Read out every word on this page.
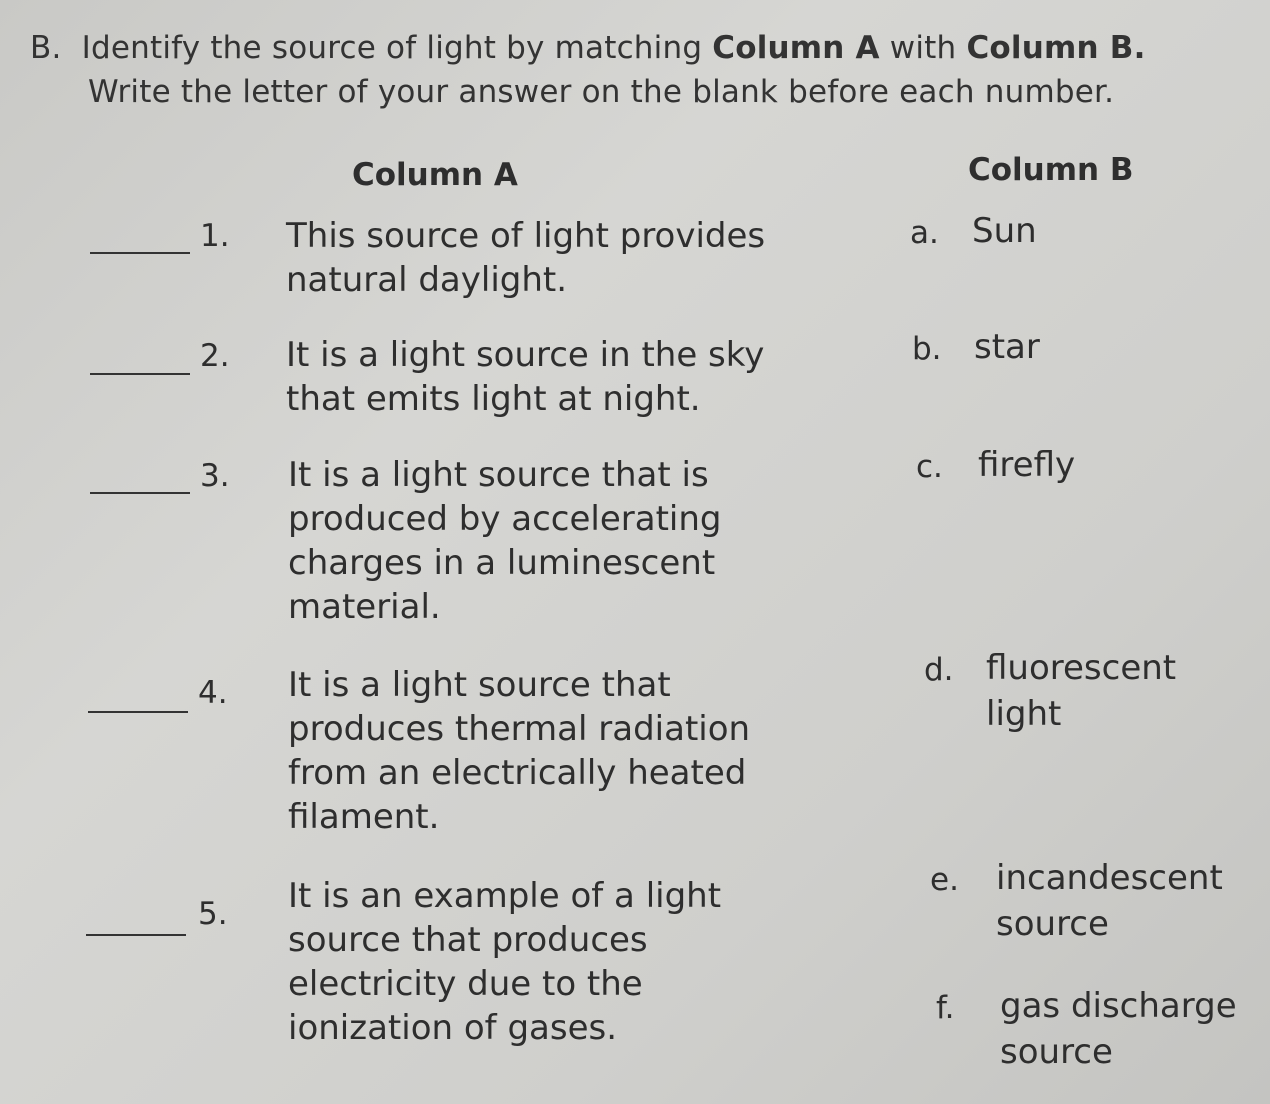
B. Identify the source of light by matching Column A with Column B.
Write the letter of your answer on the blank before each number.
Column A	Column B
1. This source of light provides
natural daylight.
2. It is a light source in the sky
that emits light at night.
3. It is a light source that is
produced by accelerating
charges in a luminescent
material.
4. It is a light source that
produces thermal radiation
from an electrically heated
filament.
5. It is an example of a light
source that produces
electricity due to the
ionization of gases.
a. Sun
b. star
c. firefly
d. fluorescent
light
e. incandescent
source
f. gas discharge
source
